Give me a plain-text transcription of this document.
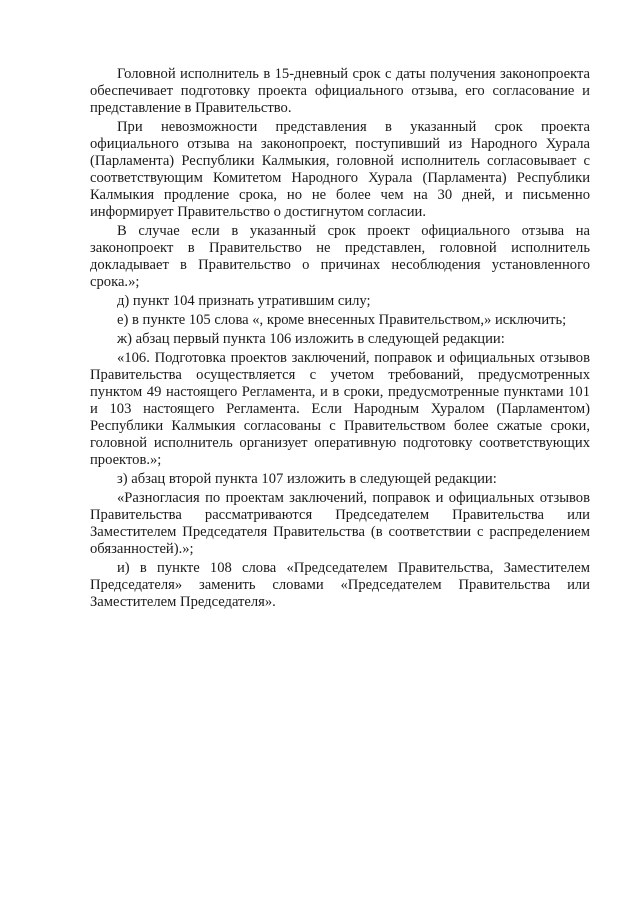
Головной исполнитель в 15-дневный срок с даты получения законопроекта обеспечивает подготовку проекта официального отзыва, его согласование и представление в Правительство.

При невозможности представления в указанный срок проекта официального отзыва на законопроект, поступивший из Народного Хурала (Парламента) Республики Калмыкия, головной исполнитель согласовывает с соответствующим Комитетом Народного Хурала (Парламента) Республики Калмыкия продление срока, но не более чем на 30 дней, и письменно информирует Правительство о достигнутом согласии.

В случае если в указанный срок проект официального отзыва на законопроект в Правительство не представлен, головной исполнитель докладывает в Правительство о причинах несоблюдения установленного срока.»;

д) пункт 104 признать утратившим силу;

е) в пункте 105 слова «, кроме внесенных Правительством,» исключить;

ж) абзац первый пункта 106 изложить в следующей редакции:

«106. Подготовка проектов заключений, поправок и официальных отзывов Правительства осуществляется с учетом требований, предусмотренных пунктом 49 настоящего Регламента, и в сроки, предусмотренные пунктами 101 и 103 настоящего Регламента. Если Народным Хуралом (Парламентом) Республики Калмыкия согласованы с Правительством более сжатые сроки, головной исполнитель организует оперативную подготовку соответствующих проектов.»;

з) абзац второй пункта 107 изложить в следующей редакции:

«Разногласия по проектам заключений, поправок и официальных отзывов Правительства рассматриваются Председателем Правительства или Заместителем Председателя Правительства (в соответствии с распределением обязанностей).»;

и) в пункте 108 слова «Председателем Правительства, Заместителем Председателя» заменить словами «Председателем Правительства или Заместителем Председателя».
